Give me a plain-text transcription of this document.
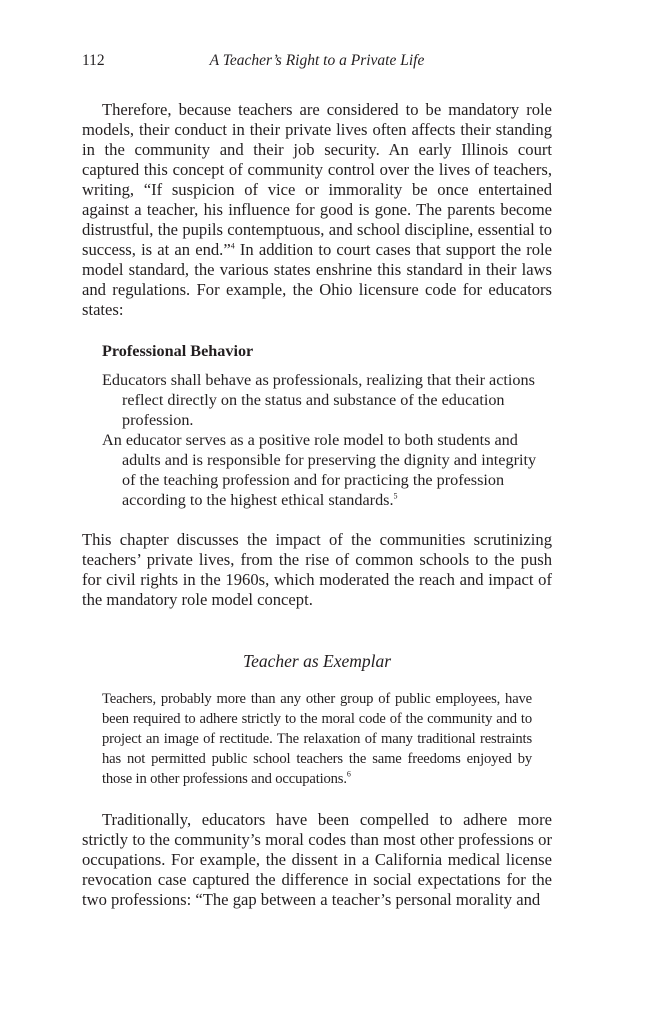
112	A Teacher’s Right to a Private Life

Therefore, because teachers are considered to be mandatory role models, their conduct in their private lives often affects their standing in the community and their job security. An early Illinois court captured this concept of community control over the lives of teachers, writing, “If suspicion of vice or immorality be once entertained against a teacher, his influence for good is gone. The parents become distrustful, the pupils contemptuous, and school discipline, essential to success, is at an end.”$^4$ In addition to court cases that support the role model standard, the various states enshrine this standard in their laws and regulations. For example, the Ohio licensure code for educators states:

Professional Behavior

Educators shall behave as professionals, realizing that their actions reflect directly on the status and substance of the education profession.

An educator serves as a positive role model to both students and adults and is responsible for preserving the dignity and integrity of the teaching profession and for practicing the profession according to the highest ethical standards.$^5$

This chapter discusses the impact of the communities scrutinizing teachers’ private lives, from the rise of common schools to the push for civil rights in the 1960s, which moderated the reach and impact of the mandatory role model concept.

Teacher as Exemplar

Teachers, probably more than any other group of public employees, have been required to adhere strictly to the moral code of the community and to project an image of rectitude. The relaxation of many traditional restraints has not permitted public school teachers the same freedoms enjoyed by those in other professions and occupations.$^6$

Traditionally, educators have been compelled to adhere more strictly to the community’s moral codes than most other professions or occupations. For example, the dissent in a California medical license revocation case captured the difference in social expectations for the two professions: “The gap between a teacher’s personal morality and
